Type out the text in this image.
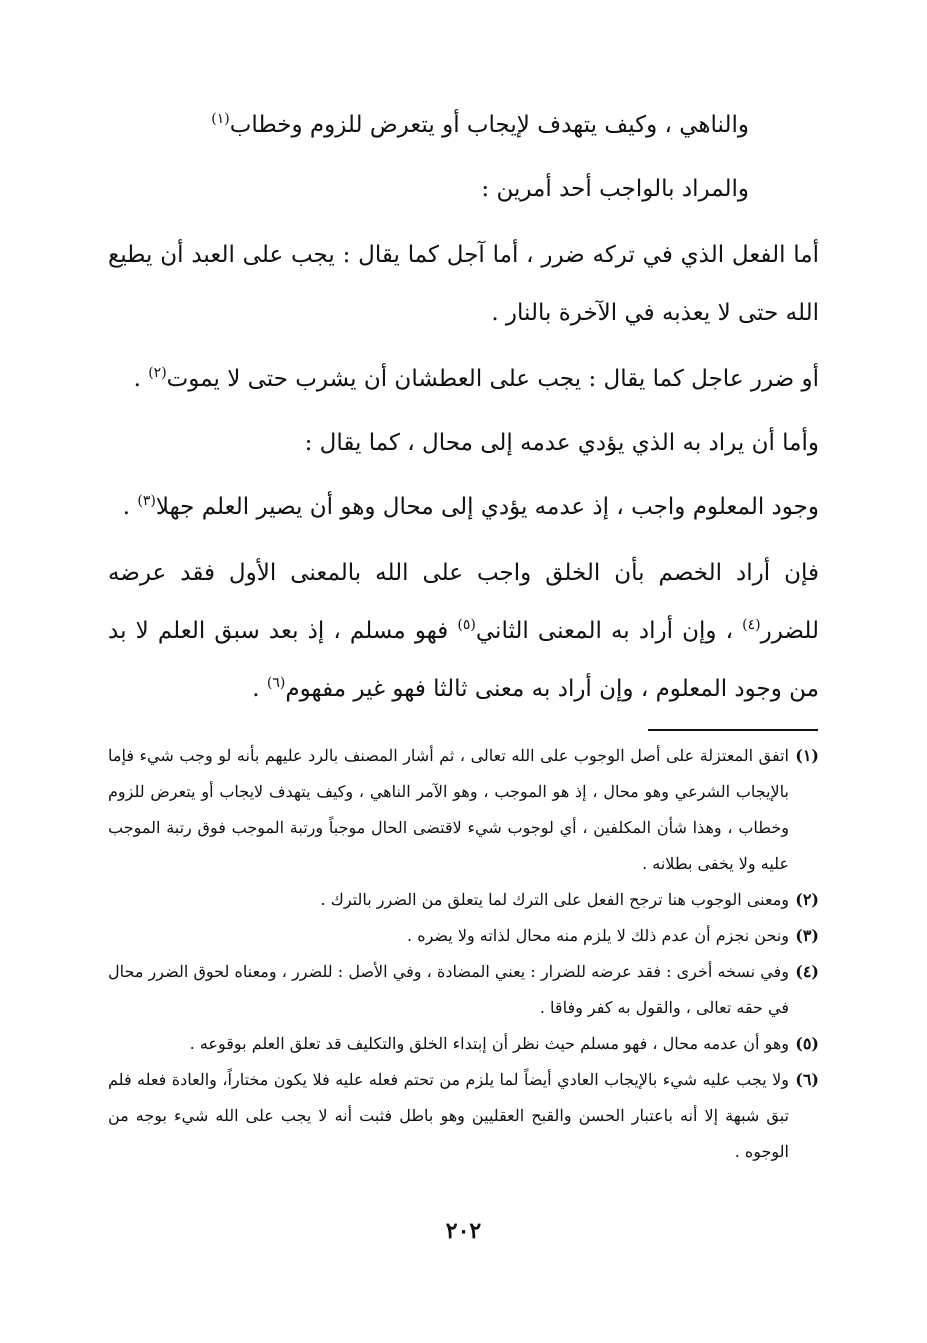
والناهي ، وكيف يتهدف لإيجاب أو يتعرض للزوم وخطاب$^{(١)}$

والمراد بالواجب أحد أمرين :

أما الفعل الذي في تركه ضرر ، أما آجل كما يقال : يجب على العبد أن يطيع الله حتى لا يعذبه في الآخرة بالنار .

أو ضرر عاجل كما يقال : يجب على العطشان أن يشرب حتى لا يموت$^{(٢)}$ .

وأما أن يراد به الذي يؤدي عدمه إلى محال ، كما يقال :

وجود المعلوم واجب ، إذ عدمه يؤدي إلى محال وهو أن يصير العلم جهلا$^{(٣)}$ .

فإن أراد الخصم بأن الخلق واجب على الله بالمعنى الأول فقد عرضه للضرر$^{(٤)}$ ، وإن أراد به المعنى الثاني$^{(٥)}$ فهو مسلم ، إذ بعد سبق العلم لا بد من وجود المعلوم ، وإن أراد به معنى ثالثا فهو غير مفهوم$^{(٦)}$ .

(١)
اتفق المعتزلة على أصل الوجوب على الله تعالى ، ثم أشار المصنف بالرد عليهم بأنه لو وجب شيء فإما بالإيجاب الشرعي وهو محال ، إذ هو الموجب ، وهو الآمر الناهي ، وكيف يتهدف لايجاب أو يتعرض للزوم وخطاب ، وهذا شأن المكلفين ، أي لوجوب شيء لاقتضى الحال موجباً ورتبة الموجب فوق رتبة الموجب عليه ولا يخفى بطلانه .
(٢)
ومعنى الوجوب هنا ترجح الفعل على الترك لما يتعلق من الضرر بالترك .
(٣)
ونحن نجزم أن عدم ذلك لا يلزم منه محال لذاته ولا يضره .
(٤)
وفي نسخه أخرى : فقد عرضه للضرار : يعني المضادة ، وفي الأصل : للضرر ، ومعناه لحوق الضرر محال في حقه تعالى ، والقول به كفر وفاقا .
(٥)
وهو أن عدمه محال ، فهو مسلم حيث نظر أن إبتداء الخلق والتكليف قد تعلق العلم بوقوعه .
(٦)
ولا يجب عليه شيء بالإيجاب العادي أيضاً لما يلزم من تحتم فعله عليه فلا يكون مختاراً، والعادة فعله فلم تبق شبهة إلا أنه باعتبار الحسن والقبح العقليين وهو باطل فثبت أنه لا يجب على الله شيء بوجه من الوجوه .
٢٠٢
